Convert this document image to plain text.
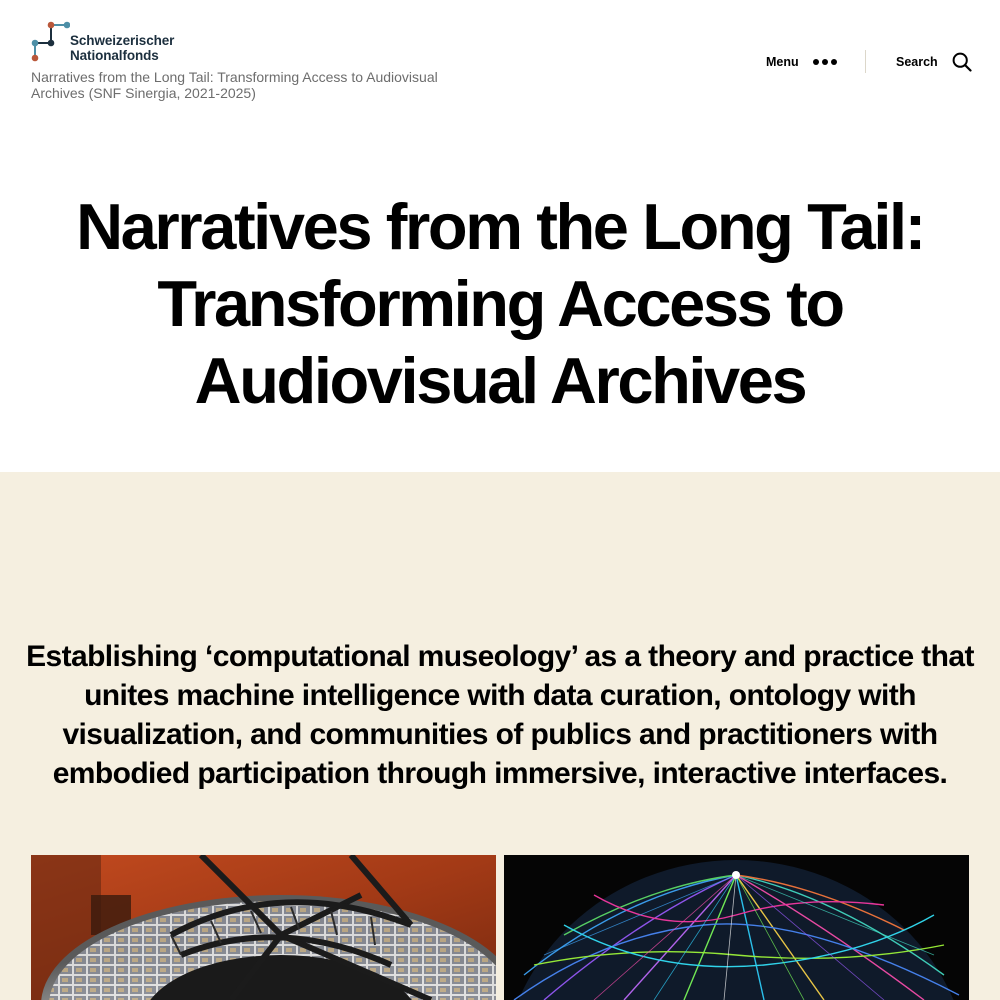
Schweizerischer
Nationalfonds
Narratives from the Long Tail: Transforming Access to Audiovisual Archives (SNF Sinergia, 2021-2025)
Menu	Search
Narratives from the Long Tail: Transforming Access to Audiovisual Archives

Establishing ‘computational museology’ as a theory and practice that unites machine intelligence with data curation, ontology with visualization, and communities of publics and practitioners with embodied participation through immersive, interactive interfaces.
